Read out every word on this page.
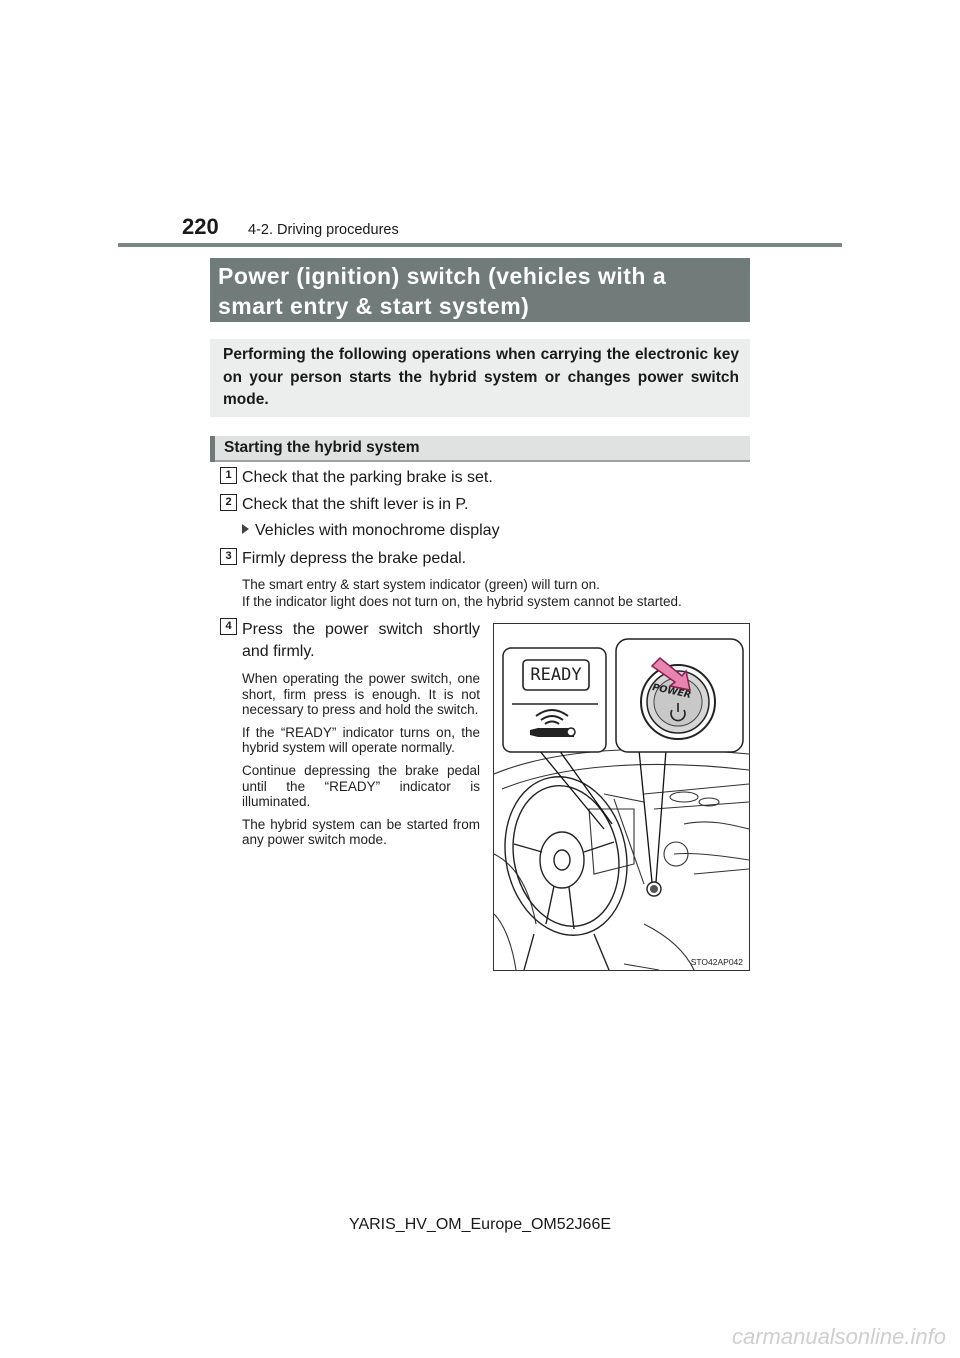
220 4-2. Driving procedures
Power (ignition) switch (vehicles with a
smart entry & start system)
Performing the following operations when carrying the electronic key on your person starts the hybrid system or changes power switch mode.
Starting the hybrid system
1 Check that the parking brake is set.
2 Check that the shift lever is in P.
Vehicles with monochrome display
3 Firmly depress the brake pedal.
The smart entry & start system indicator (green) will turn on.
If the indicator light does not turn on, the hybrid system cannot be started.
4 Press the power switch shortly and firmly.

When operating the power switch, one short, firm press is enough. It is not necessary to press and hold the switch.

If the “READY” indicator turns on, the hybrid system will operate normally.

Continue depressing the brake pedal until the “READY” indicator is illuminated.

The hybrid system can be started from any power switch mode.

READY
POWER
STO42AP042
YARIS_HV_OM_Europe_OM52J66E
carmanualsonline.info
